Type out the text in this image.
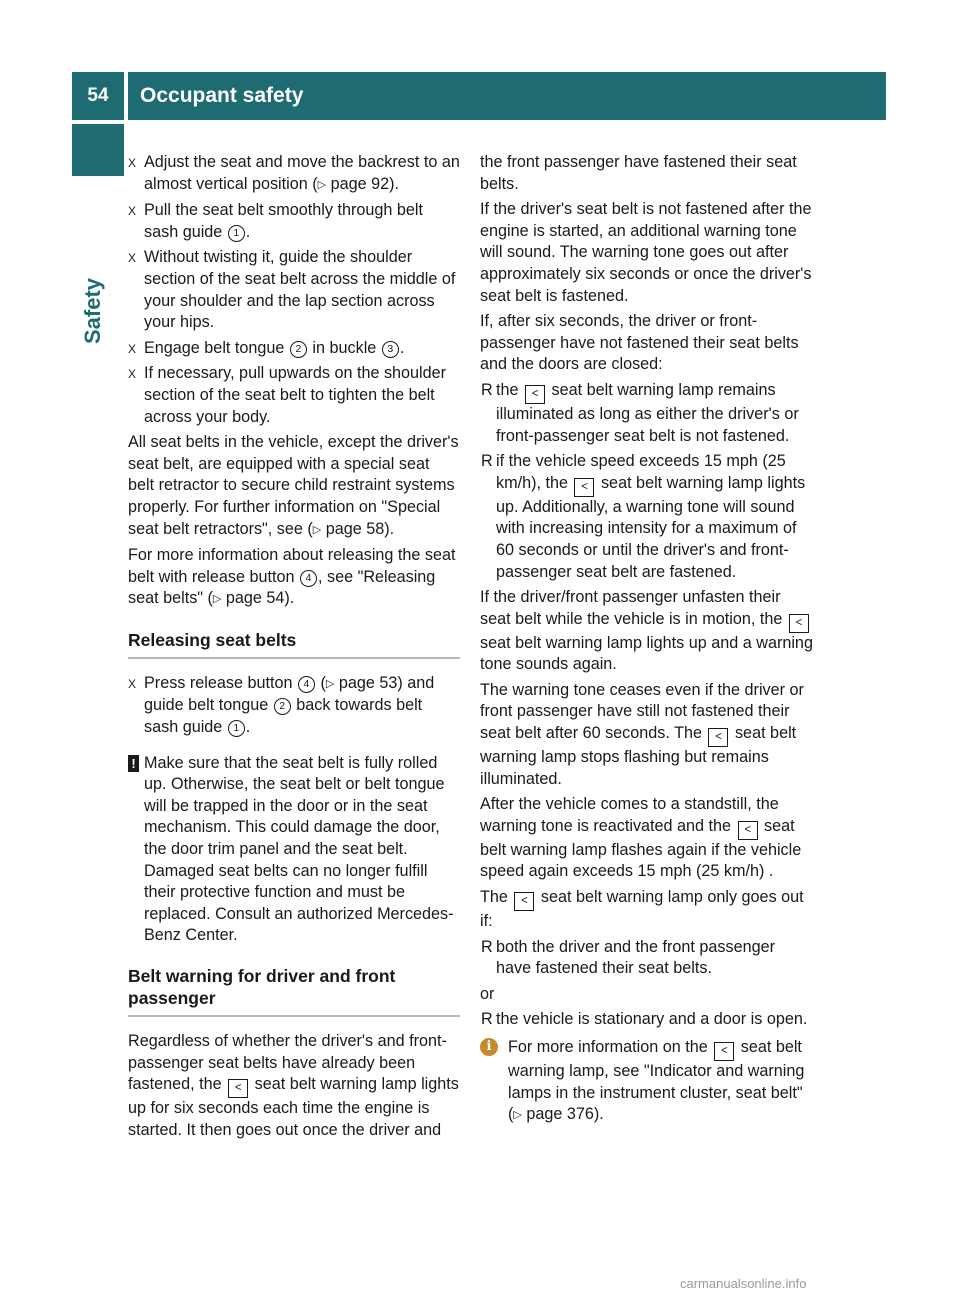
54	Occupant safety
Safety
X Adjust the seat and move the backrest to an almost vertical position (▷ page 92).
X Pull the seat belt smoothly through belt sash guide 1 .
X Without twisting it, guide the shoulder section of the seat belt across the middle of your shoulder and the lap section across your hips.
X Engage belt tongue 2 in buckle 3 .
X If necessary, pull upwards on the shoulder section of the seat belt to tighten the belt across your body.

All seat belts in the vehicle, except the driver's seat belt, are equipped with a special seat belt retractor to secure child restraint systems properly. For further information on "Special seat belt retractors", see (▷ page 58).

For more information about releasing the seat belt with release button 4 , see "Releasing seat belts" (▷ page 54).

Releasing seat belts
X Press release button 4 (▷ page 53) and guide belt tongue 2 back towards belt sash guide 1 .
! Make sure that the seat belt is fully rolled up. Otherwise, the seat belt or belt tongue will be trapped in the door or in the seat mechanism. This could damage the door, the door trim panel and the seat belt. Damaged seat belts can no longer fulfill their protective function and must be replaced. Consult an authorized Mercedes-Benz Center.
Belt warning for driver and front passenger

Regardless of whether the driver's and front-passenger seat belts have already been fastened, the < seat belt warning lamp lights up for six seconds each time the engine is started. It then goes out once the driver and

the front passenger have fastened their seat belts.

If the driver's seat belt is not fastened after the engine is started, an additional warning tone will sound. The warning tone goes out after approximately six seconds or once the driver's seat belt is fastened.

If, after six seconds, the driver or front-passenger have not fastened their seat belts and the doors are closed:

R the < seat belt warning lamp remains illuminated as long as either the driver's or front-passenger seat belt is not fastened.
R if the vehicle speed exceeds 15 mph (25 km/h), the < seat belt warning lamp lights up. Additionally, a warning tone will sound with increasing intensity for a maximum of 60 seconds or until the driver's and front-passenger seat belt are fastened.

If the driver/front passenger unfasten their seat belt while the vehicle is in motion, the < seat belt warning lamp lights up and a warning tone sounds again.

The warning tone ceases even if the driver or front passenger have still not fastened their seat belt after 60 seconds. The < seat belt warning lamp stops flashing but remains illuminated.

After the vehicle comes to a standstill, the warning tone is reactivated and the < seat belt warning lamp flashes again if the vehicle speed again exceeds 15 mph (25 km/h) .

The < seat belt warning lamp only goes out if:

R both the driver and the front passenger have fastened their seat belts.

or

R the vehicle is stationary and a door is open.
i	For more information on the < seat belt warning lamp, see "Indicator and warning lamps in the instrument cluster, seat belt" (▷ page 376).
carmanualsonline.info
